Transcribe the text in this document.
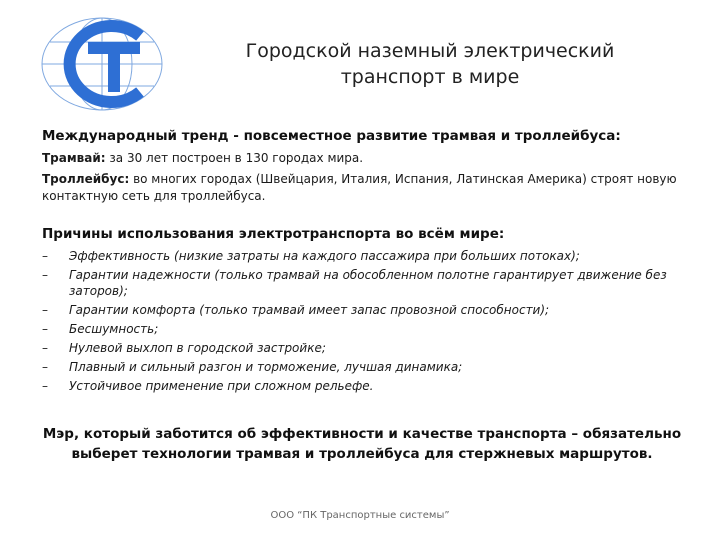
Городской наземный электрический
транспорт в мире
Международный тренд - повсеместное развитие трамвая и троллейбуса:
Трамвай: за 30 лет построен в 130 городах мира.
Троллейбус: во многих городах (Швейцария, Италия, Испания, Латинская Америка) строят новую контактную сеть для троллейбуса.
Причины использования электротранспорта во всём мире:
– Эффективность (низкие затраты на каждого пассажира при больших потоках);
– Гарантии надежности (только трамвай на обособленном полотне гарантирует движение без заторов);
– Гарантии комфорта (только трамвай имеет запас провозной способности);
– Бесшумность;
– Нулевой выхлоп в городской застройке;
– Плавный и сильный разгон и торможение, лучшая динамика;
– Устойчивое применение при сложном рельефе.
Мэр, который заботится об эффективности и качестве транспорта – обязательно выберет технологии трамвая и троллейбуса для стержневых маршрутов.
ООО “ПК Транспортные системы”
